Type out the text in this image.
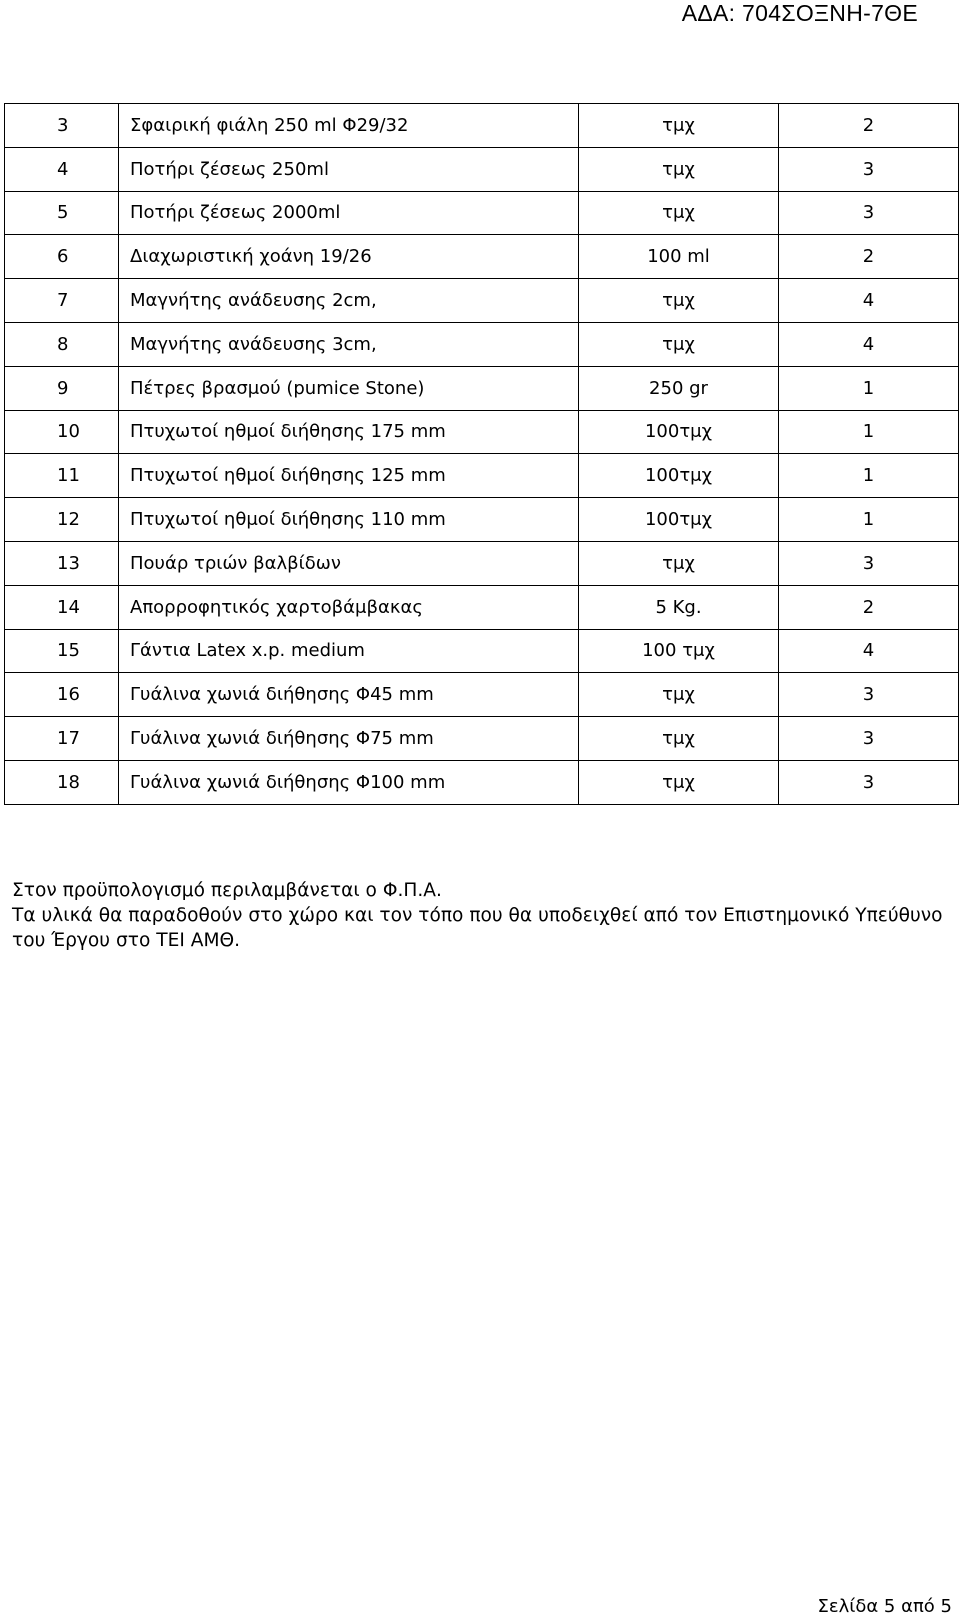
ΑΔΑ: 704ΣΟΞΝΗ-7ΘΕ
3	Σφαιρική φιάλη 250 ml Φ29/32	τμχ	2
4	Ποτήρι ζέσεως 250ml	τμχ	3
5	Ποτήρι ζέσεως 2000ml	τμχ	3
6	Διαχωριστική χοάνη 19/26	100 ml	2
7	Μαγνήτης ανάδευσης 2cm,	τμχ	4
8	Μαγνήτης ανάδευσης 3cm,	τμχ	4
9	Πέτρες βρασμού (pumice Stone)	250 gr	1
10	Πτυχωτοί ηθμοί διήθησης 175 mm	100τμχ	1
11	Πτυχωτοί ηθμοί διήθησης 125 mm	100τμχ	1
12	Πτυχωτοί ηθμοί διήθησης 110 mm	100τμχ	1
13	Πουάρ τριών βαλβίδων	τμχ	3
14	Απορροφητικός χαρτοβάμβακας	5 Kg.	2
15	Γάντια Latex x.p. medium	100 τμχ	4
16	Γυάλινα χωνιά διήθησης Φ45 mm	τμχ	3
17	Γυάλινα χωνιά διήθησης Φ75 mm	τμχ	3
18	Γυάλινα χωνιά διήθησης Φ100 mm	τμχ	3

Στον προϋπολογισμό περιλαμβάνεται ο Φ.Π.Α.

Τα υλικά θα παραδοθούν στο χώρο και τον τόπο που θα υποδειχθεί από τον Επιστημονικό Υπεύθυνο του Έργου στο ΤΕΙ ΑΜΘ.

Σελίδα 5 από 5
